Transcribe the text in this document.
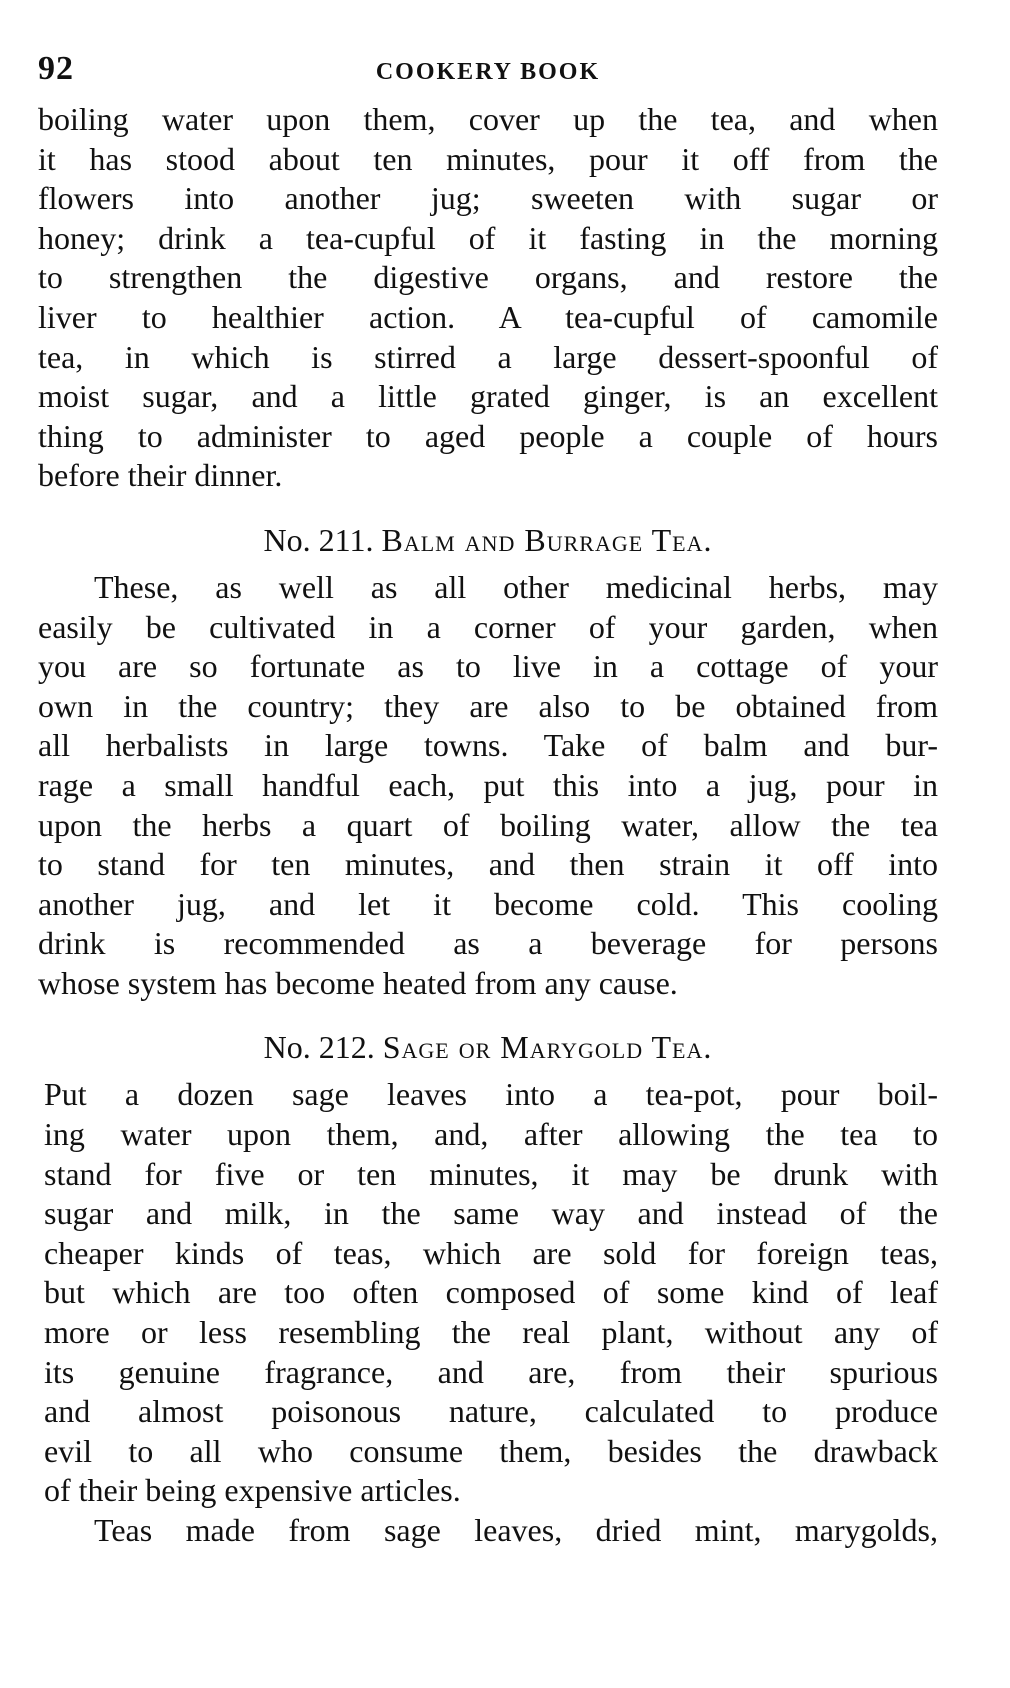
92	COOKERY BOOK
boiling water upon them, cover up the tea, and when
it has stood about ten minutes, pour it off from the
flowers into another jug; sweeten with sugar or
honey; drink a tea-cupful of it fasting in the morning
to strengthen the digestive organs, and restore the
liver to healthier action. A tea-cupful of camomile
tea, in which is stirred a large dessert-spoonful of
moist sugar, and a little grated ginger, is an excellent
thing to administer to aged people a couple of hours
before their dinner.
No. 211. Balm and Burrage Tea.
These, as well as all other medicinal herbs, may
easily be cultivated in a corner of your garden, when
you are so fortunate as to live in a cottage of your
own in the country; they are also to be obtained from
all herbalists in large towns. Take of balm and bur-
rage a small handful each, put this into a jug, pour in
upon the herbs a quart of boiling water, allow the tea
to stand for ten minutes, and then strain it off into
another jug, and let it become cold. This cooling
drink is recommended as a beverage for persons
whose system has become heated from any cause.
No. 212. Sage or Marygold Tea.
Put a dozen sage leaves into a tea-pot, pour boil-
ing water upon them, and, after allowing the tea to
stand for five or ten minutes, it may be drunk with
sugar and milk, in the same way and instead of the
cheaper kinds of teas, which are sold for foreign teas,
but which are too often composed of some kind of leaf
more or less resembling the real plant, without any of
its genuine fragrance, and are, from their spurious
and almost poisonous nature, calculated to produce
evil to all who consume them, besides the drawback
of their being expensive articles.
Teas made from sage leaves, dried mint, marygolds,
